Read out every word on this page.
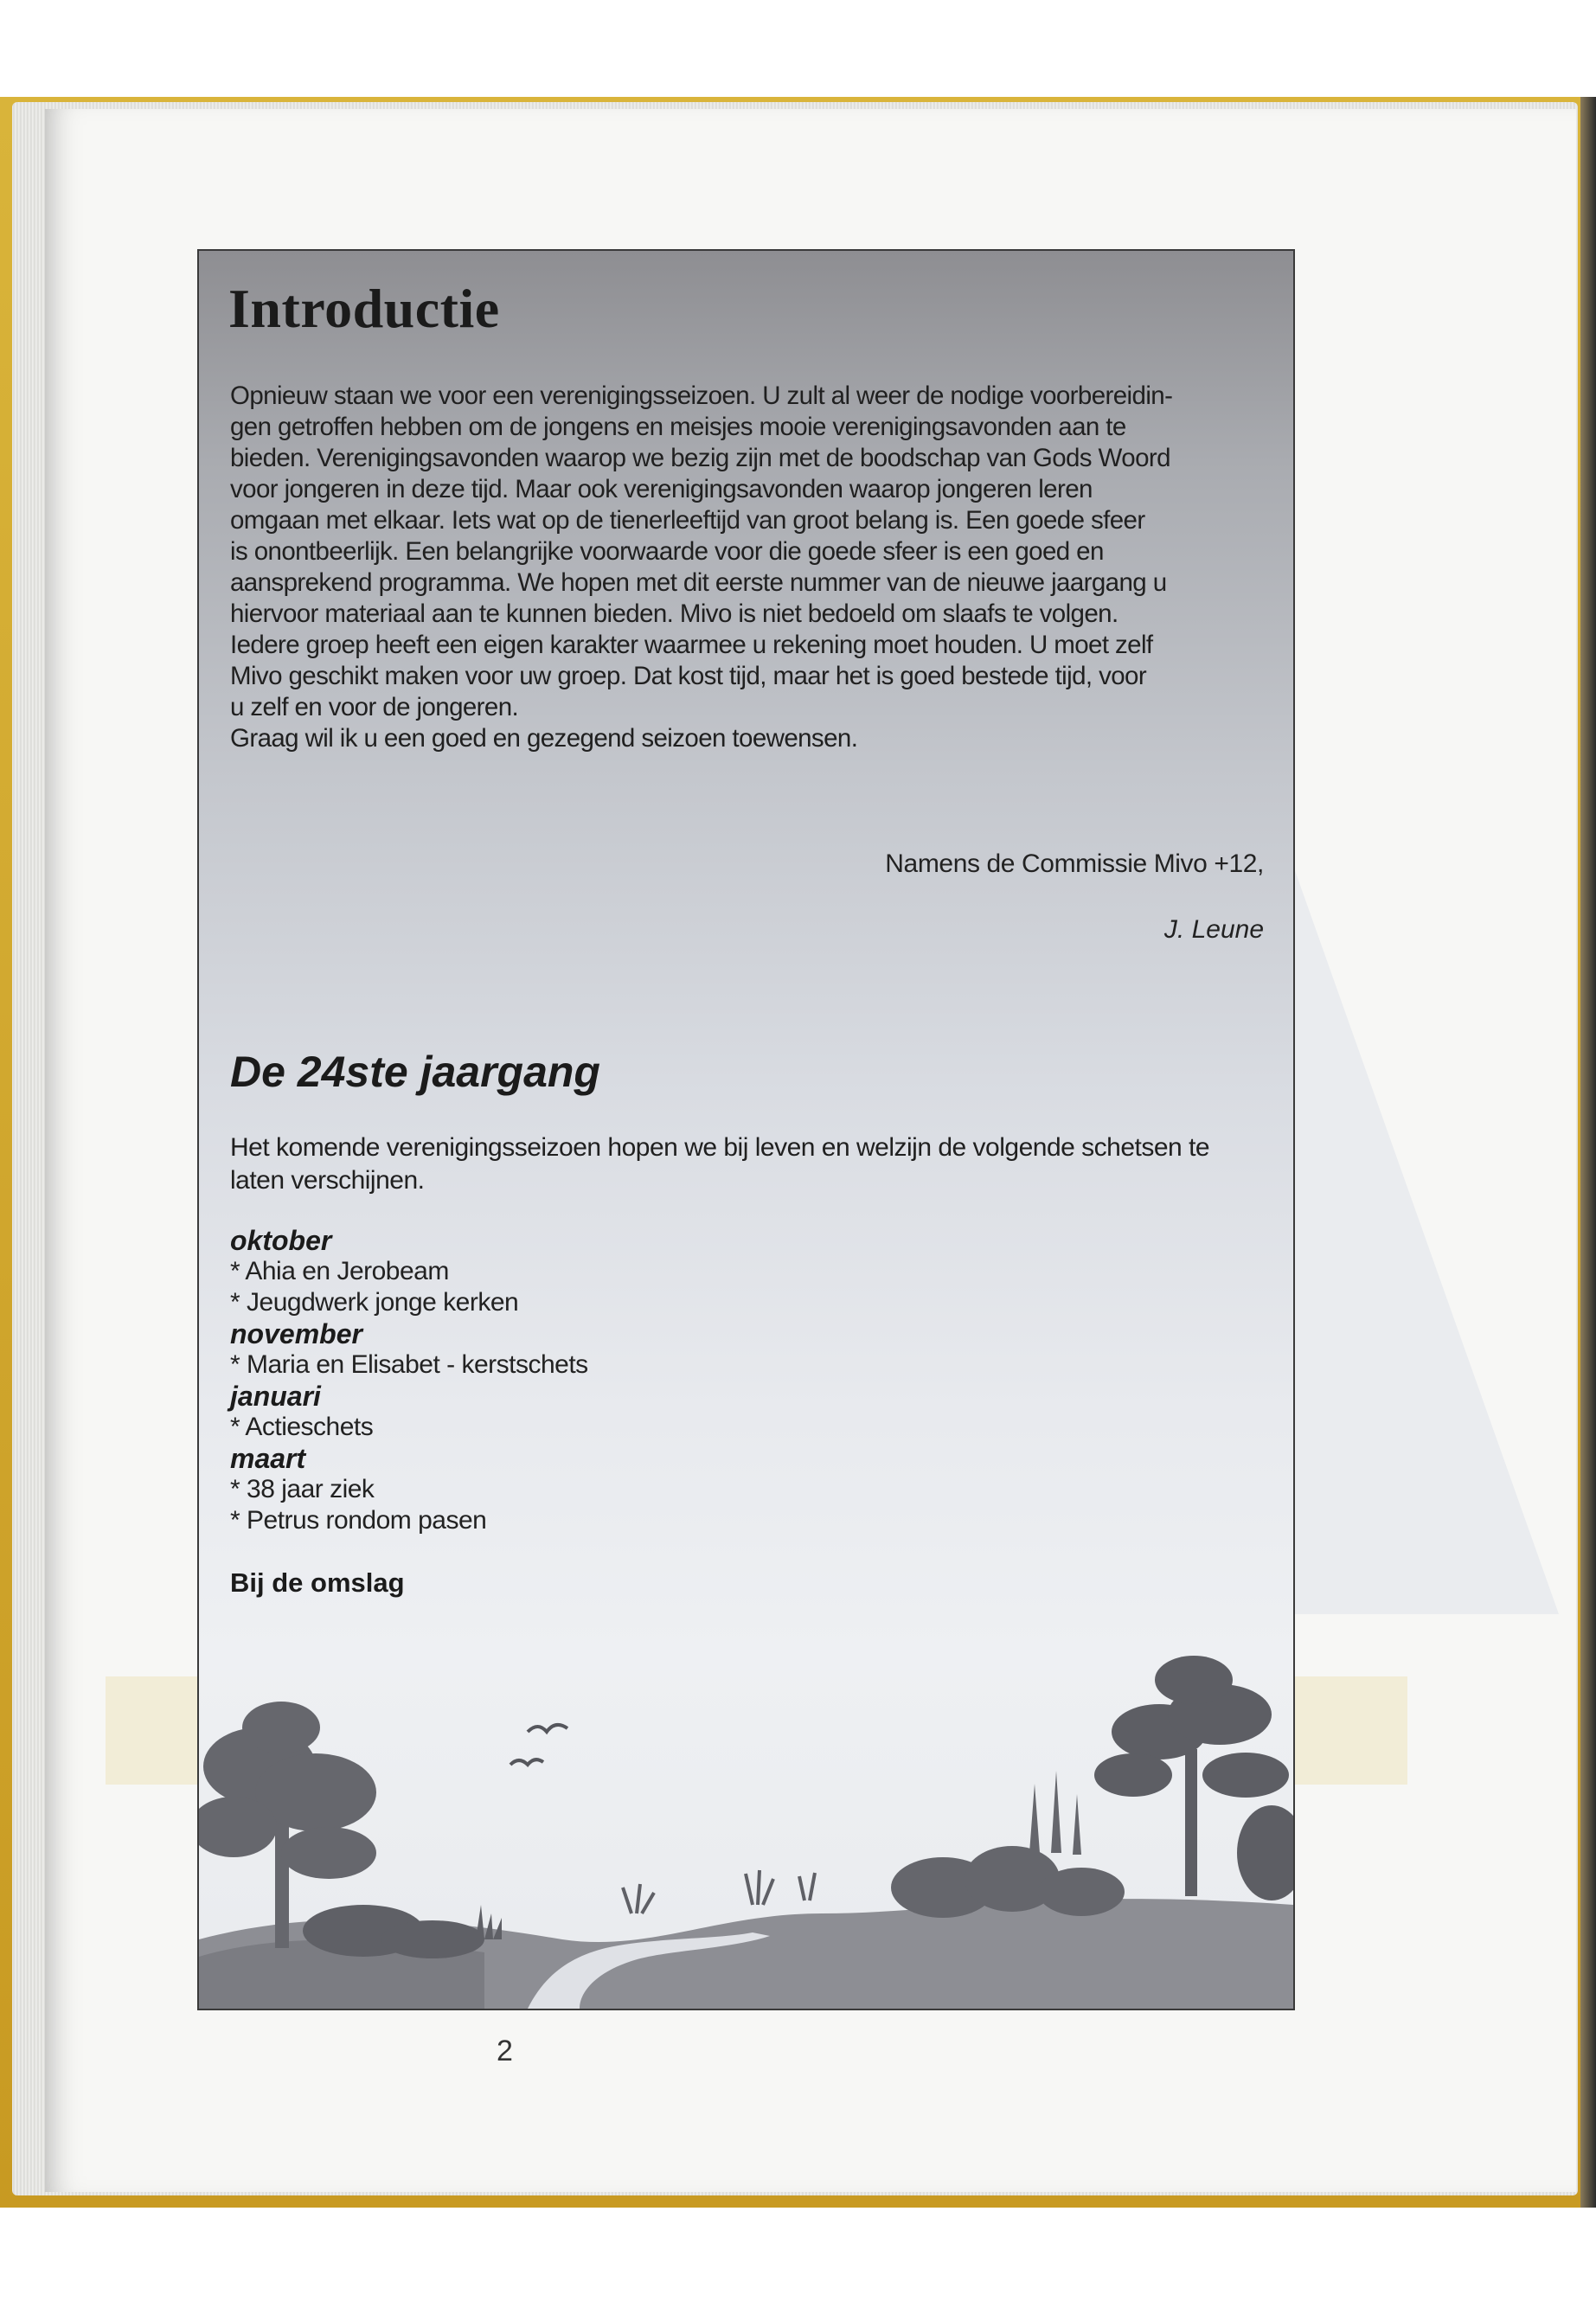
Introductie

Opnieuw staan we voor een verenigingsseizoen. U zult al weer de nodige voorbereidin-
gen getroffen hebben om de jongens en meisjes mooie verenigingsavonden aan te
bieden. Verenigingsavonden waarop we bezig zijn met de boodschap van Gods Woord
voor jongeren in deze tijd. Maar ook verenigingsavonden waarop jongeren leren
omgaan met elkaar. Iets wat op de tienerleeftijd van groot belang is. Een goede sfeer
is onontbeerlijk. Een belangrijke voorwaarde voor die goede sfeer is een goed en
aansprekend programma. We hopen met dit eerste nummer van de nieuwe jaargang u
hiervoor materiaal aan te kunnen bieden. Mivo is niet bedoeld om slaafs te volgen.
Iedere groep heeft een eigen karakter waarmee u rekening moet houden. U moet zelf
Mivo geschikt maken voor uw groep. Dat kost tijd, maar het is goed bestede tijd, voor
u zelf en voor de jongeren.
Graag wil ik u een goed en gezegend seizoen toewensen.

Namens de Commissie Mivo +12,
J. Leune
De 24ste jaargang

Het komende verenigingsseizoen hopen we bij leven en welzijn de volgende schetsen te laten verschijnen.

oktober

* Ahia en Jerobeam

* Jeugdwerk jonge kerken

november

* Maria en Elisabet - kerstschets

januari

* Actieschets

maart

* 38 jaar ziek

* Petrus rondom pasen

Bij de omslag
2
